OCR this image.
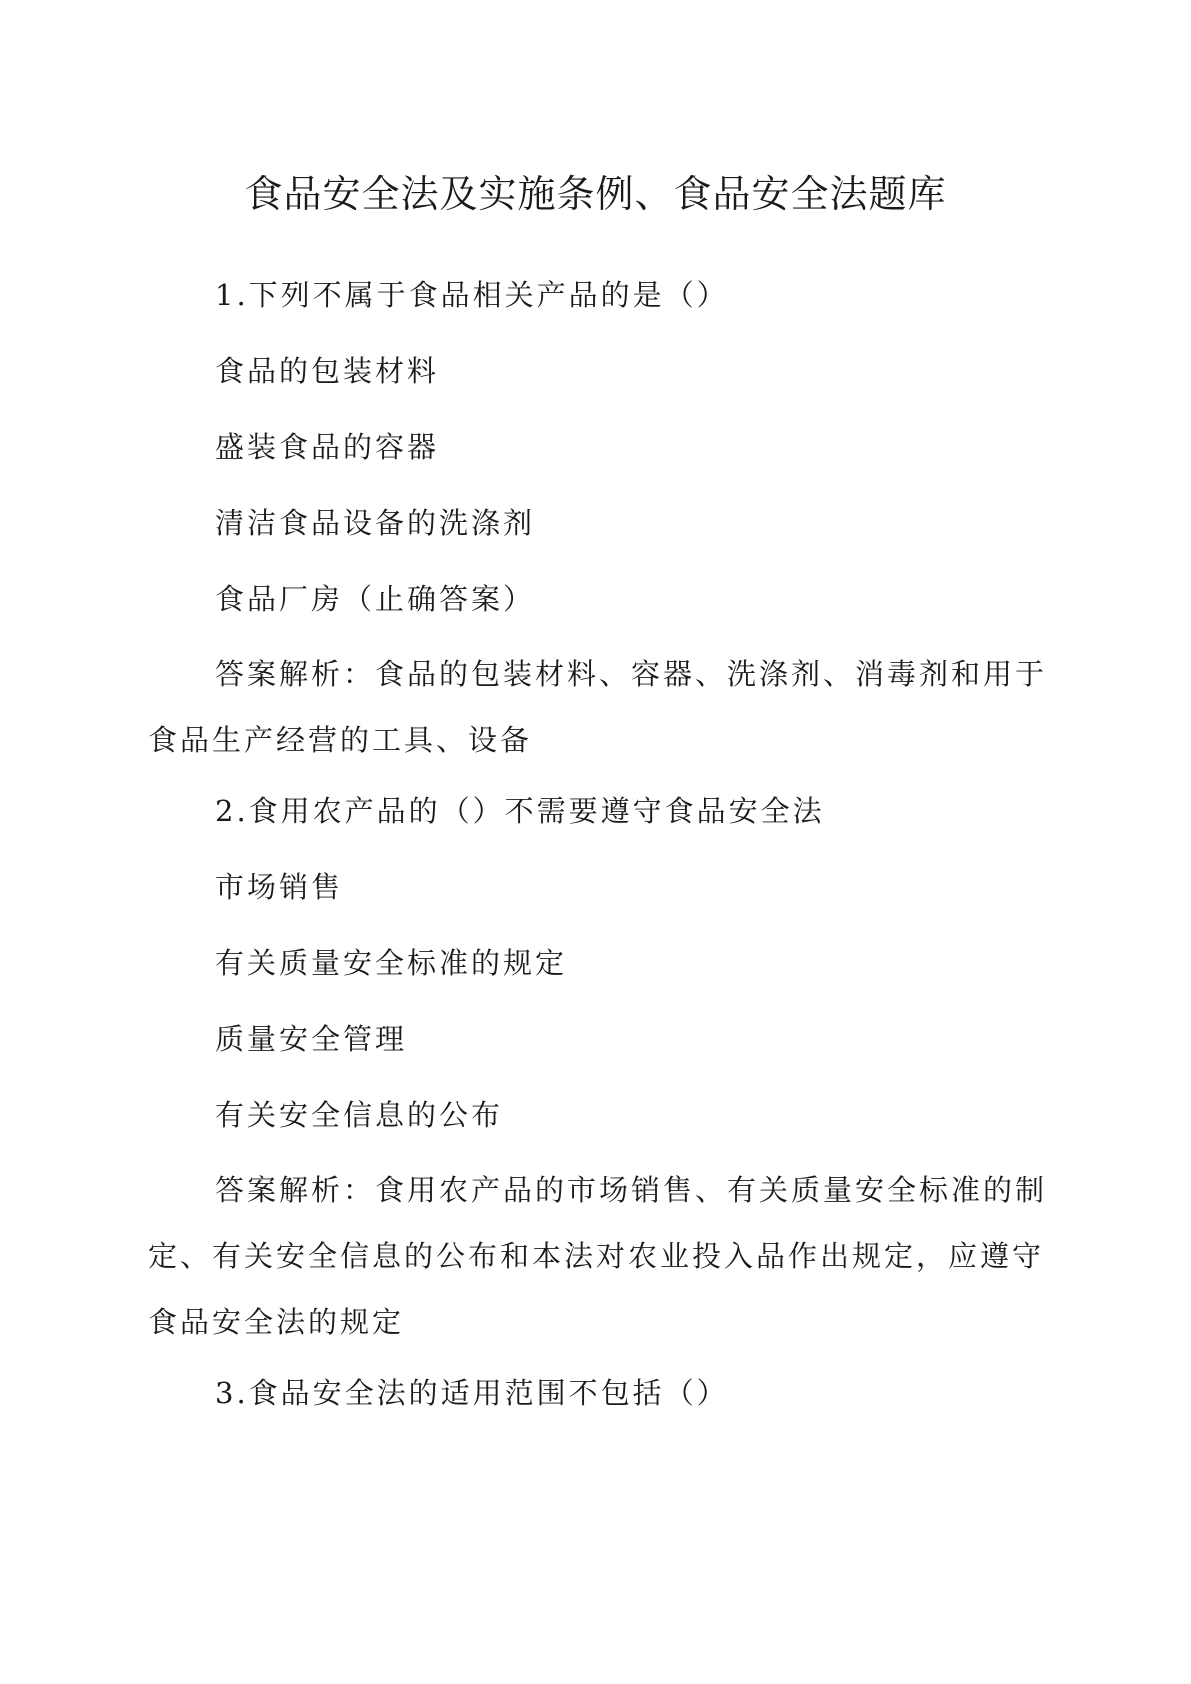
食品安全法及实施条例、食品安全法题库

1.下列不属于食品相关产品的是（）

食品的包装材料

盛装食品的容器

清洁食品设备的洗涤剂

食品厂房（止确答案）

答案解析：食品的包装材料、容器、洗涤剂、消毒剂和用于食品生产经营的工具、设备

2.食用农产品的（）不需要遵守食品安全法

市场销售

有关质量安全标准的规定

质量安全管理

有关安全信息的公布

答案解析：食用农产品的市场销售、有关质量安全标准的制定、有关安全信息的公布和本法对农业投入品作出规定，应遵守食品安全法的规定

3.食品安全法的适用范围不包括（）
